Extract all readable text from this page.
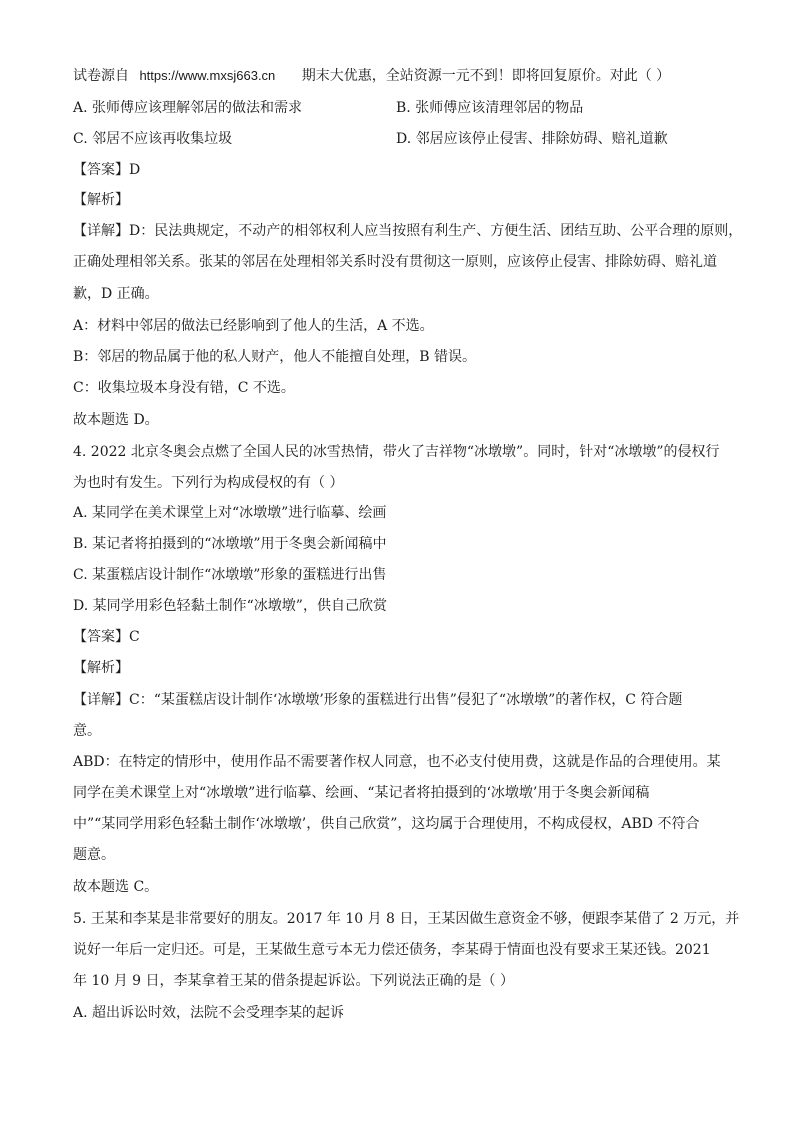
试卷源自 https://www.mxsj663.cn 期末大优惠，全站资源一元不到！即将回复原价。对此（ ）
A. 张师傅应该理解邻居的做法和需求	B. 张师傅应该清理邻居的物品
C. 邻居不应该再收集垃圾	D. 邻居应该停止侵害、排除妨碍、赔礼道歉
【答案】D
【解析】
【详解】D：民法典规定，不动产的相邻权利人应当按照有利生产、方便生活、团结互助、公平合理的原则，
正确处理相邻关系。张某的邻居在处理相邻关系时没有贯彻这一原则，应该停止侵害、排除妨碍、赔礼道
歉，D 正确。
A：材料中邻居的做法已经影响到了他人的生活，A 不选。
B：邻居的物品属于他的私人财产，他人不能擅自处理，B 错误。
C：收集垃圾本身没有错，C 不选。
故本题选 D。
4. 2022 北京冬奥会点燃了全国人民的冰雪热情，带火了吉祥物“冰墩墩”。同时，针对“冰墩墩”的侵权行
为也时有发生。下列行为构成侵权的有（ ）
A. 某同学在美术课堂上对“冰墩墩”进行临摹、绘画
B. 某记者将拍摄到的“冰墩墩”用于冬奥会新闻稿中
C. 某蛋糕店设计制作“冰墩墩”形象的蛋糕进行出售
D. 某同学用彩色轻黏土制作“冰墩墩”，供自己欣赏
【答案】C
【解析】
【详解】C：“某蛋糕店设计制作‘冰墩墩’形象的蛋糕进行出售”侵犯了“冰墩墩”的著作权，C 符合题
意。
ABD：在特定的情形中，使用作品不需要著作权人同意，也不必支付使用费，这就是作品的合理使用。某
同学在美术课堂上对“冰墩墩”进行临摹、绘画、“某记者将拍摄到的‘冰墩墩’用于冬奥会新闻稿
中”“某同学用彩色轻黏土制作‘冰墩墩’，供自己欣赏”，这均属于合理使用，不构成侵权，ABD 不符合
题意。
故本题选 C。
5. 王某和李某是非常要好的朋友。2017 年 10 月 8 日，王某因做生意资金不够，便跟李某借了 2 万元，并
说好一年后一定归还。可是，王某做生意亏本无力偿还债务，李某碍于情面也没有要求王某还钱。2021
年 10 月 9 日，李某拿着王某的借条提起诉讼。下列说法正确的是（ ）
A. 超出诉讼时效，法院不会受理李某的起诉
